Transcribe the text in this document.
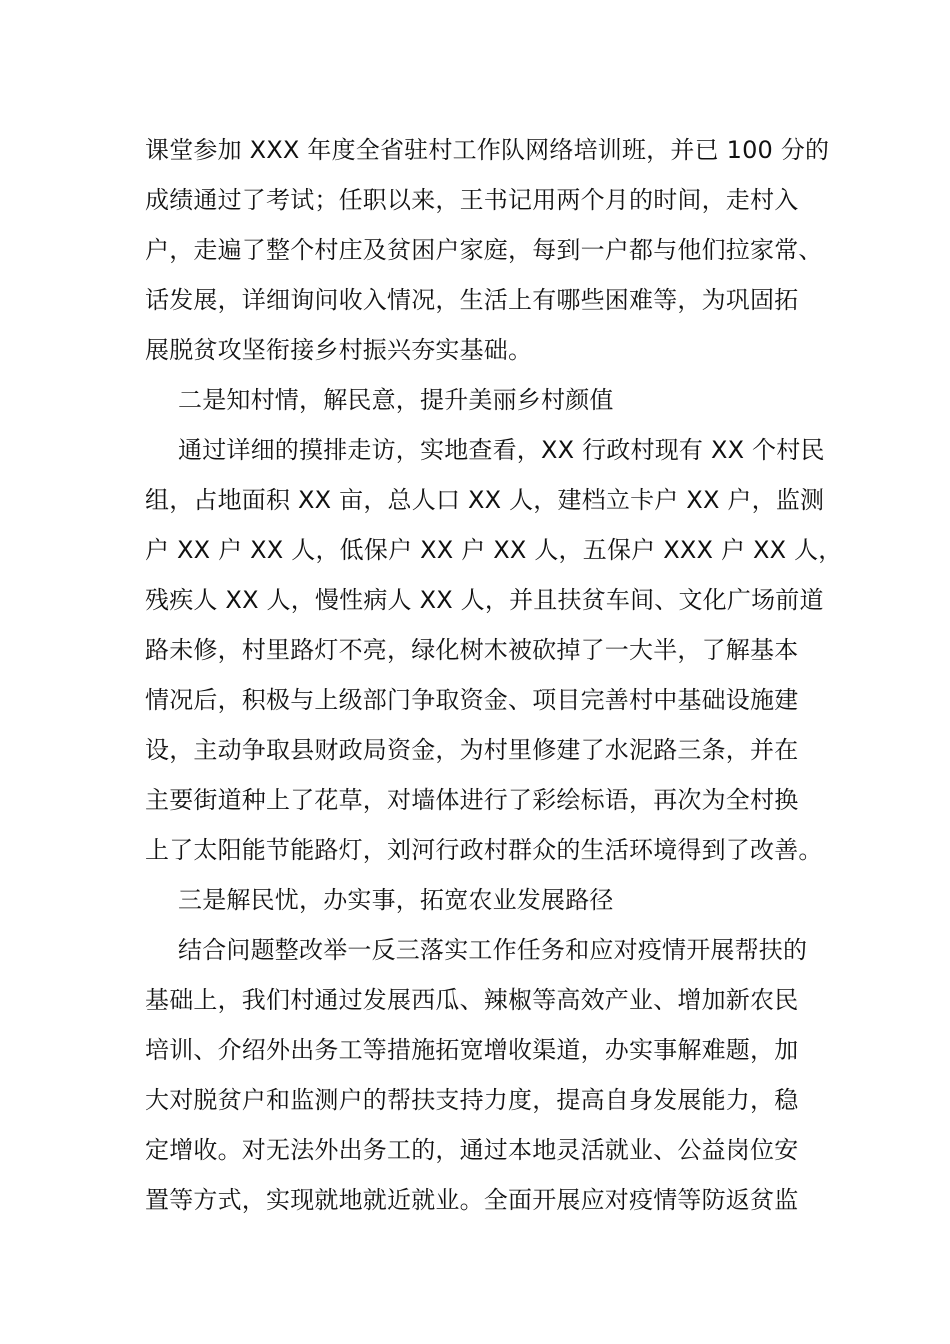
课堂参加 XXX 年度全省驻村工作队网络培训班，并已 100 分的
成绩通过了考试；任职以来，王书记用两个月的时间，走村入
户，走遍了整个村庄及贫困户家庭，每到一户都与他们拉家常、
话发展，详细询问收入情况，生活上有哪些困难等，为巩固拓
展脱贫攻坚衔接乡村振兴夯实基础。
二是知村情，解民意，提升美丽乡村颜值
通过详细的摸排走访，实地查看，XX 行政村现有 XX 个村民
组，占地面积 XX 亩，总人口 XX 人，建档立卡户 XX 户，监测
户 XX 户 XX 人，低保户 XX 户 XX 人，五保户 XXX 户 XX 人，
残疾人 XX 人，慢性病人 XX 人，并且扶贫车间、文化广场前道
路未修，村里路灯不亮，绿化树木被砍掉了一大半，了解基本
情况后，积极与上级部门争取资金、项目完善村中基础设施建
设，主动争取县财政局资金，为村里修建了水泥路三条，并在
主要街道种上了花草，对墙体进行了彩绘标语，再次为全村换
上了太阳能节能路灯，刘河行政村群众的生活环境得到了改善。
三是解民忧，办实事，拓宽农业发展路径
结合问题整改举一反三落实工作任务和应对疫情开展帮扶的
基础上，我们村通过发展西瓜、辣椒等高效产业、增加新农民
培训、介绍外出务工等措施拓宽增收渠道，办实事解难题，加
大对脱贫户和监测户的帮扶支持力度，提高自身发展能力，稳
定增收。对无法外出务工的，通过本地灵活就业、公益岗位安
置等方式，实现就地就近就业。全面开展应对疫情等防返贫监
